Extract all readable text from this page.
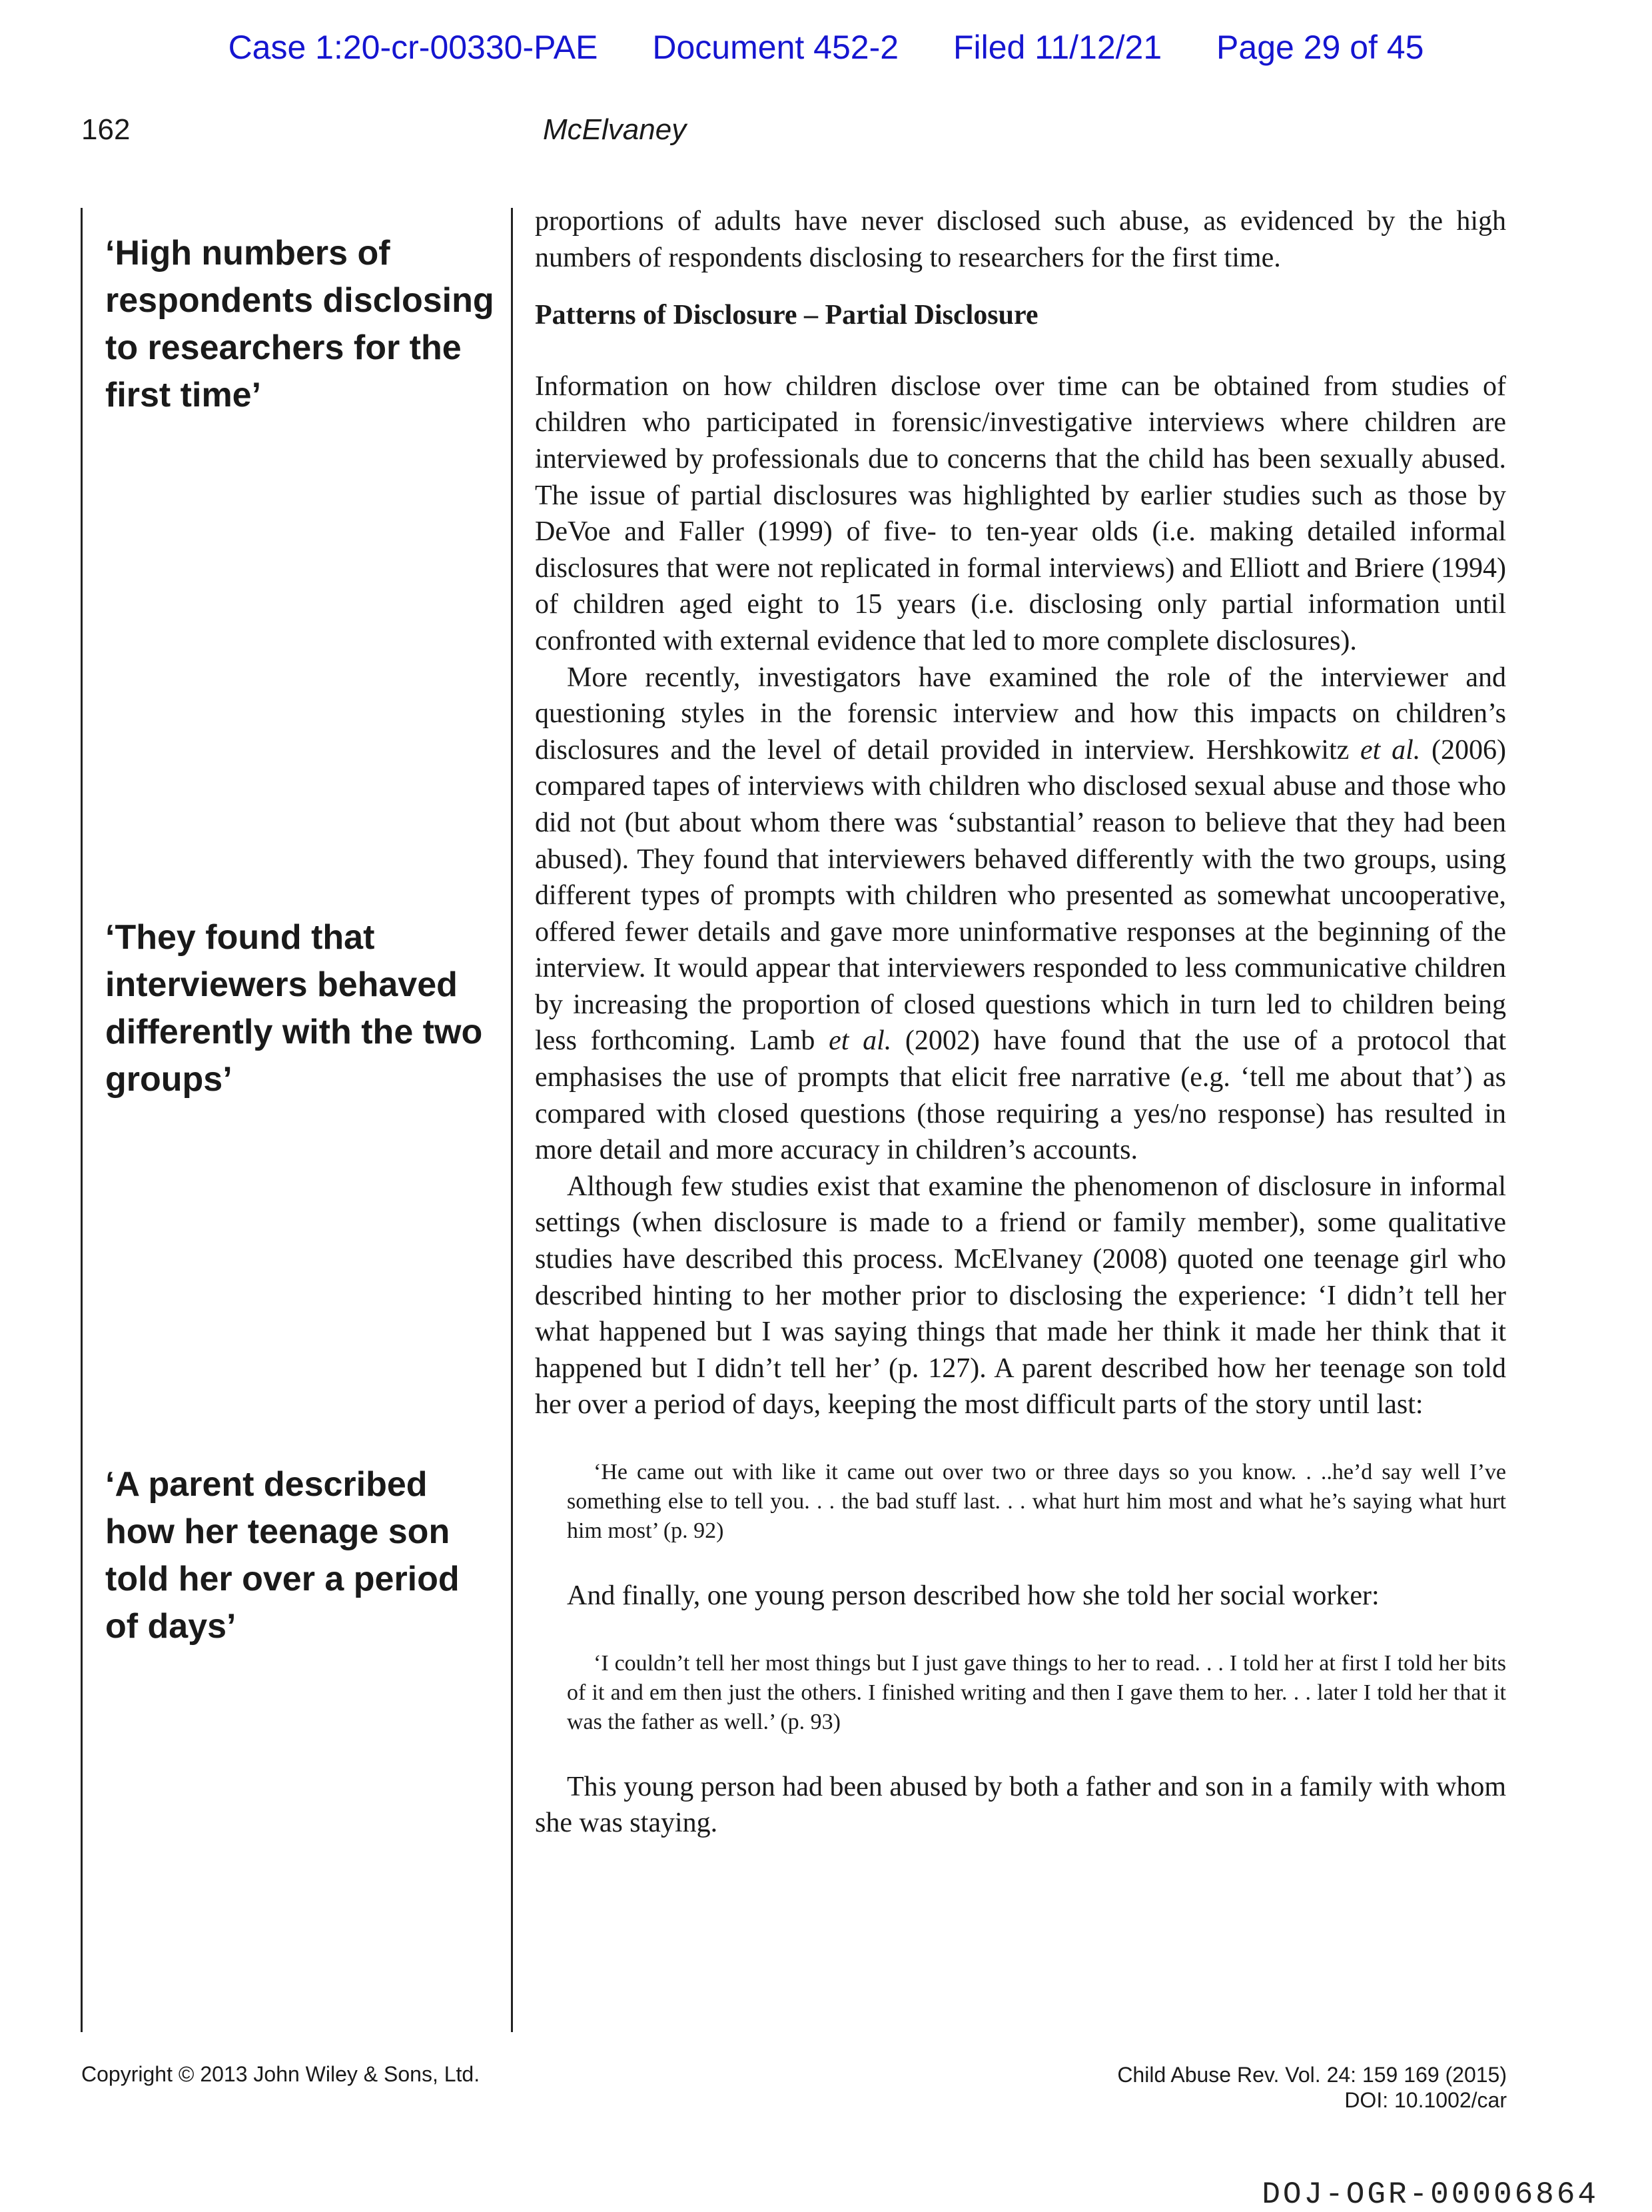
Case 1:20-cr-00330-PAE Document 452-2 Filed 11/12/21 Page 29 of 45
162	McElvaney
‘High numbers of respondents disclosing to researchers for the first time’
‘They found that interviewers behaved differently with the two groups’
‘A parent described how her teenage son told her over a period of days’

proportions of adults have never disclosed such abuse, as evidenced by the high numbers of respondents disclosing to researchers for the first time.

Patterns of Disclosure – Partial Disclosure

Information on how children disclose over time can be obtained from studies of children who participated in forensic/investigative interviews where children are interviewed by professionals due to concerns that the child has been sexually abused. The issue of partial disclosures was highlighted by earlier studies such as those by DeVoe and Faller (1999) of five- to ten-year olds (i.e. making detailed informal disclosures that were not replicated in formal interviews) and Elliott and Briere (1994) of children aged eight to 15 years (i.e. disclosing only partial information until confronted with external evidence that led to more complete disclosures).

More recently, investigators have examined the role of the interviewer and questioning styles in the forensic interview and how this impacts on children’s disclosures and the level of detail provided in interview. Hershkowitz et al. (2006) compared tapes of interviews with children who disclosed sexual abuse and those who did not (but about whom there was ‘substantial’ reason to believe that they had been abused). They found that interviewers behaved differently with the two groups, using different types of prompts with children who presented as somewhat uncooperative, offered fewer details and gave more uninformative responses at the beginning of the interview. It would appear that interviewers responded to less communicative children by increasing the proportion of closed questions which in turn led to children being less forthcoming. Lamb et al. (2002) have found that the use of a protocol that emphasises the use of prompts that elicit free narrative (e.g. ‘tell me about that’) as compared with closed questions (those requiring a yes/no response) has resulted in more detail and more accuracy in children’s accounts.

Although few studies exist that examine the phenomenon of disclosure in informal settings (when disclosure is made to a friend or family member), some qualitative studies have described this process. McElvaney (2008) quoted one teenage girl who described hinting to her mother prior to disclosing the experience: ‘I didn’t tell her what happened but I was saying things that made her think it made her think that it happened but I didn’t tell her’ (p. 127). A parent described how her teenage son told her over a period of days, keeping the most difficult parts of the story until last:

‘He came out with like it came out over two or three days so you know. . ..he’d say well I’ve something else to tell you. . . the bad stuff last. . . what hurt him most and what he’s saying what hurt him most’ (p. 92)

And finally, one young person described how she told her social worker:

‘I couldn’t tell her most things but I just gave things to her to read. . . I told her at first I told her bits of it and em then just the others. I finished writing and then I gave them to her. . . later I told her that it was the father as well.’ (p. 93)

This young person had been abused by both a father and son in a family with whom she was staying.

Copyright © 2013 John Wiley & Sons, Ltd.	Child Abuse Rev. Vol. 24: 159 169 (2015)
DOI: 10.1002/car
DOJ-OGR-00006864
